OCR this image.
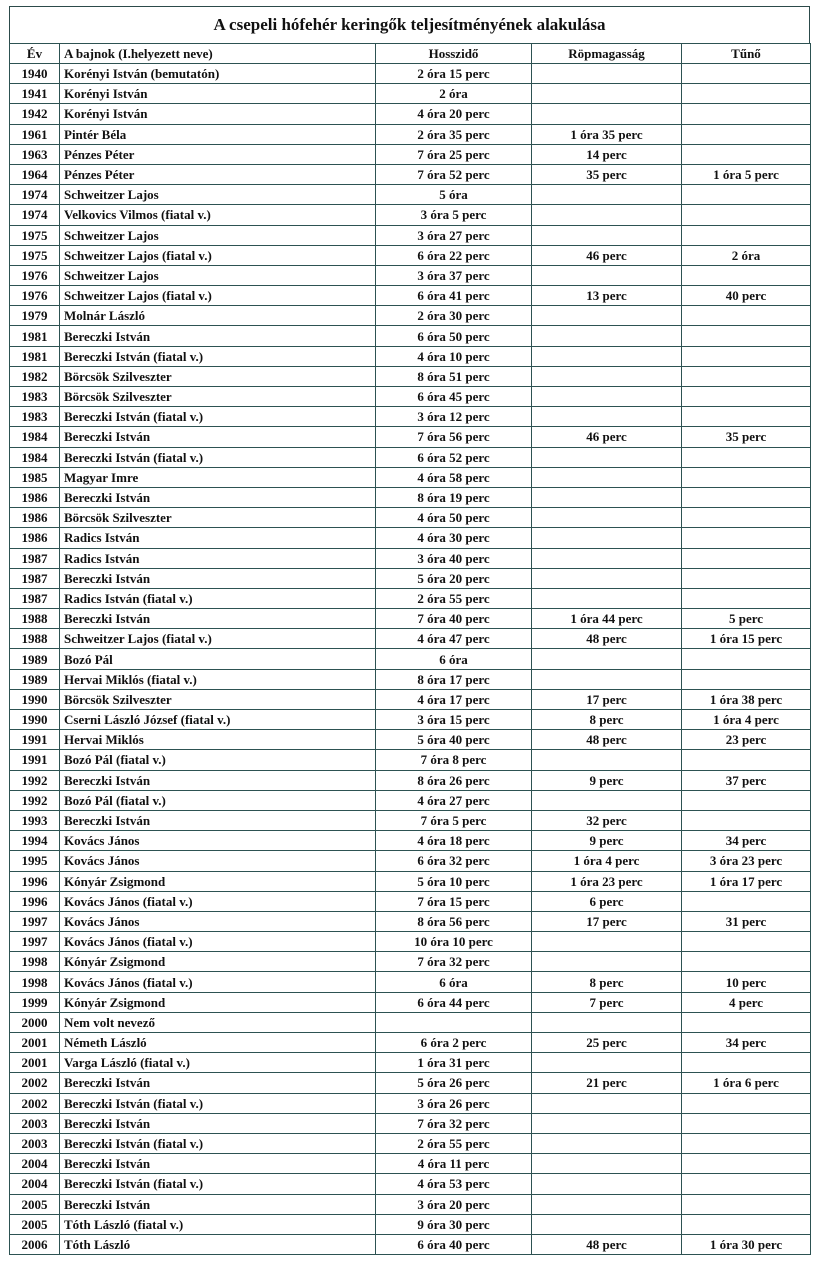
A csepeli hófehér keringők teljesítményének alakulása
Év	A bajnok (I.helyezett neve)	Hosszidő	Röpmagasság	Tűnő
1940	Korényi István (bemutatón)	2 óra 15 perc		
1941	Korényi István	2 óra		
1942	Korényi István	4 óra 20 perc		
1961	Pintér Béla	2 óra 35 perc	1 óra 35 perc	
1963	Pénzes Péter	7 óra 25 perc	14 perc	
1964	Pénzes Péter	7 óra 52 perc	35 perc	1 óra 5 perc
1974	Schweitzer Lajos	5 óra		
1974	Velkovics Vilmos (fiatal v.)	3 óra 5 perc		
1975	Schweitzer Lajos	3 óra 27 perc		
1975	Schweitzer Lajos (fiatal v.)	6 óra 22 perc	46 perc	2 óra
1976	Schweitzer Lajos	3 óra 37 perc		
1976	Schweitzer Lajos (fiatal v.)	6 óra 41 perc	13 perc	40 perc
1979	Molnár László	2 óra 30 perc		
1981	Bereczki István	6 óra 50 perc		
1981	Bereczki István (fiatal v.)	4 óra 10 perc		
1982	Börcsök Szilveszter	8 óra 51 perc		
1983	Börcsök Szilveszter	6 óra 45 perc		
1983	Bereczki István (fiatal v.)	3 óra 12 perc		
1984	Bereczki István	7 óra 56 perc	46 perc	35 perc
1984	Bereczki István (fiatal v.)	6 óra 52 perc		
1985	Magyar Imre	4 óra 58 perc		
1986	Bereczki István	8 óra 19 perc		
1986	Börcsök Szilveszter	4 óra 50 perc		
1986	Radics István	4 óra 30 perc		
1987	Radics István	3 óra 40 perc		
1987	Bereczki István	5 óra 20 perc		
1987	Radics István (fiatal v.)	2 óra 55 perc		
1988	Bereczki István	7 óra 40 perc	1 óra 44 perc	5 perc
1988	Schweitzer Lajos (fiatal v.)	4 óra 47 perc	48 perc	1 óra 15 perc
1989	Bozó Pál	6 óra		
1989	Hervai Miklós (fiatal v.)	8 óra 17 perc		
1990	Börcsök Szilveszter	4 óra 17 perc	17 perc	1 óra 38 perc
1990	Cserni László József (fiatal v.)	3 óra 15 perc	8 perc	1 óra 4 perc
1991	Hervai Miklós	5 óra 40 perc	48 perc	23 perc
1991	Bozó Pál (fiatal v.)	7 óra 8 perc		
1992	Bereczki István	8 óra 26 perc	9 perc	37 perc
1992	Bozó Pál (fiatal v.)	4 óra 27 perc		
1993	Bereczki István	7 óra 5 perc	32 perc	
1994	Kovács János	4 óra 18 perc	9 perc	34 perc
1995	Kovács János	6 óra 32 perc	1 óra 4 perc	3 óra 23 perc
1996	Kónyár Zsigmond	5 óra 10 perc	1 óra 23 perc	1 óra 17 perc
1996	Kovács János (fiatal v.)	7 óra 15 perc	6 perc	
1997	Kovács János	8 óra 56 perc	17 perc	31 perc
1997	Kovács János (fiatal v.)	10 óra 10 perc		
1998	Kónyár Zsigmond	7 óra 32 perc		
1998	Kovács János (fiatal v.)	6 óra	8 perc	10 perc
1999	Kónyár Zsigmond	6 óra 44 perc	7 perc	4 perc
2000	Nem volt nevező			
2001	Németh László	6 óra 2 perc	25 perc	34 perc
2001	Varga László (fiatal v.)	1 óra 31 perc		
2002	Bereczki István	5 óra 26 perc	21 perc	1 óra 6 perc
2002	Bereczki István (fiatal v.)	3 óra 26 perc		
2003	Bereczki István	7 óra 32 perc		
2003	Bereczki István (fiatal v.)	2 óra 55 perc		
2004	Bereczki István	4 óra 11 perc		
2004	Bereczki István (fiatal v.)	4 óra 53 perc		
2005	Bereczki István	3 óra 20 perc		
2005	Tóth László (fiatal v.)	9 óra 30 perc		
2006	Tóth László	6 óra 40 perc	48 perc	1 óra 30 perc
